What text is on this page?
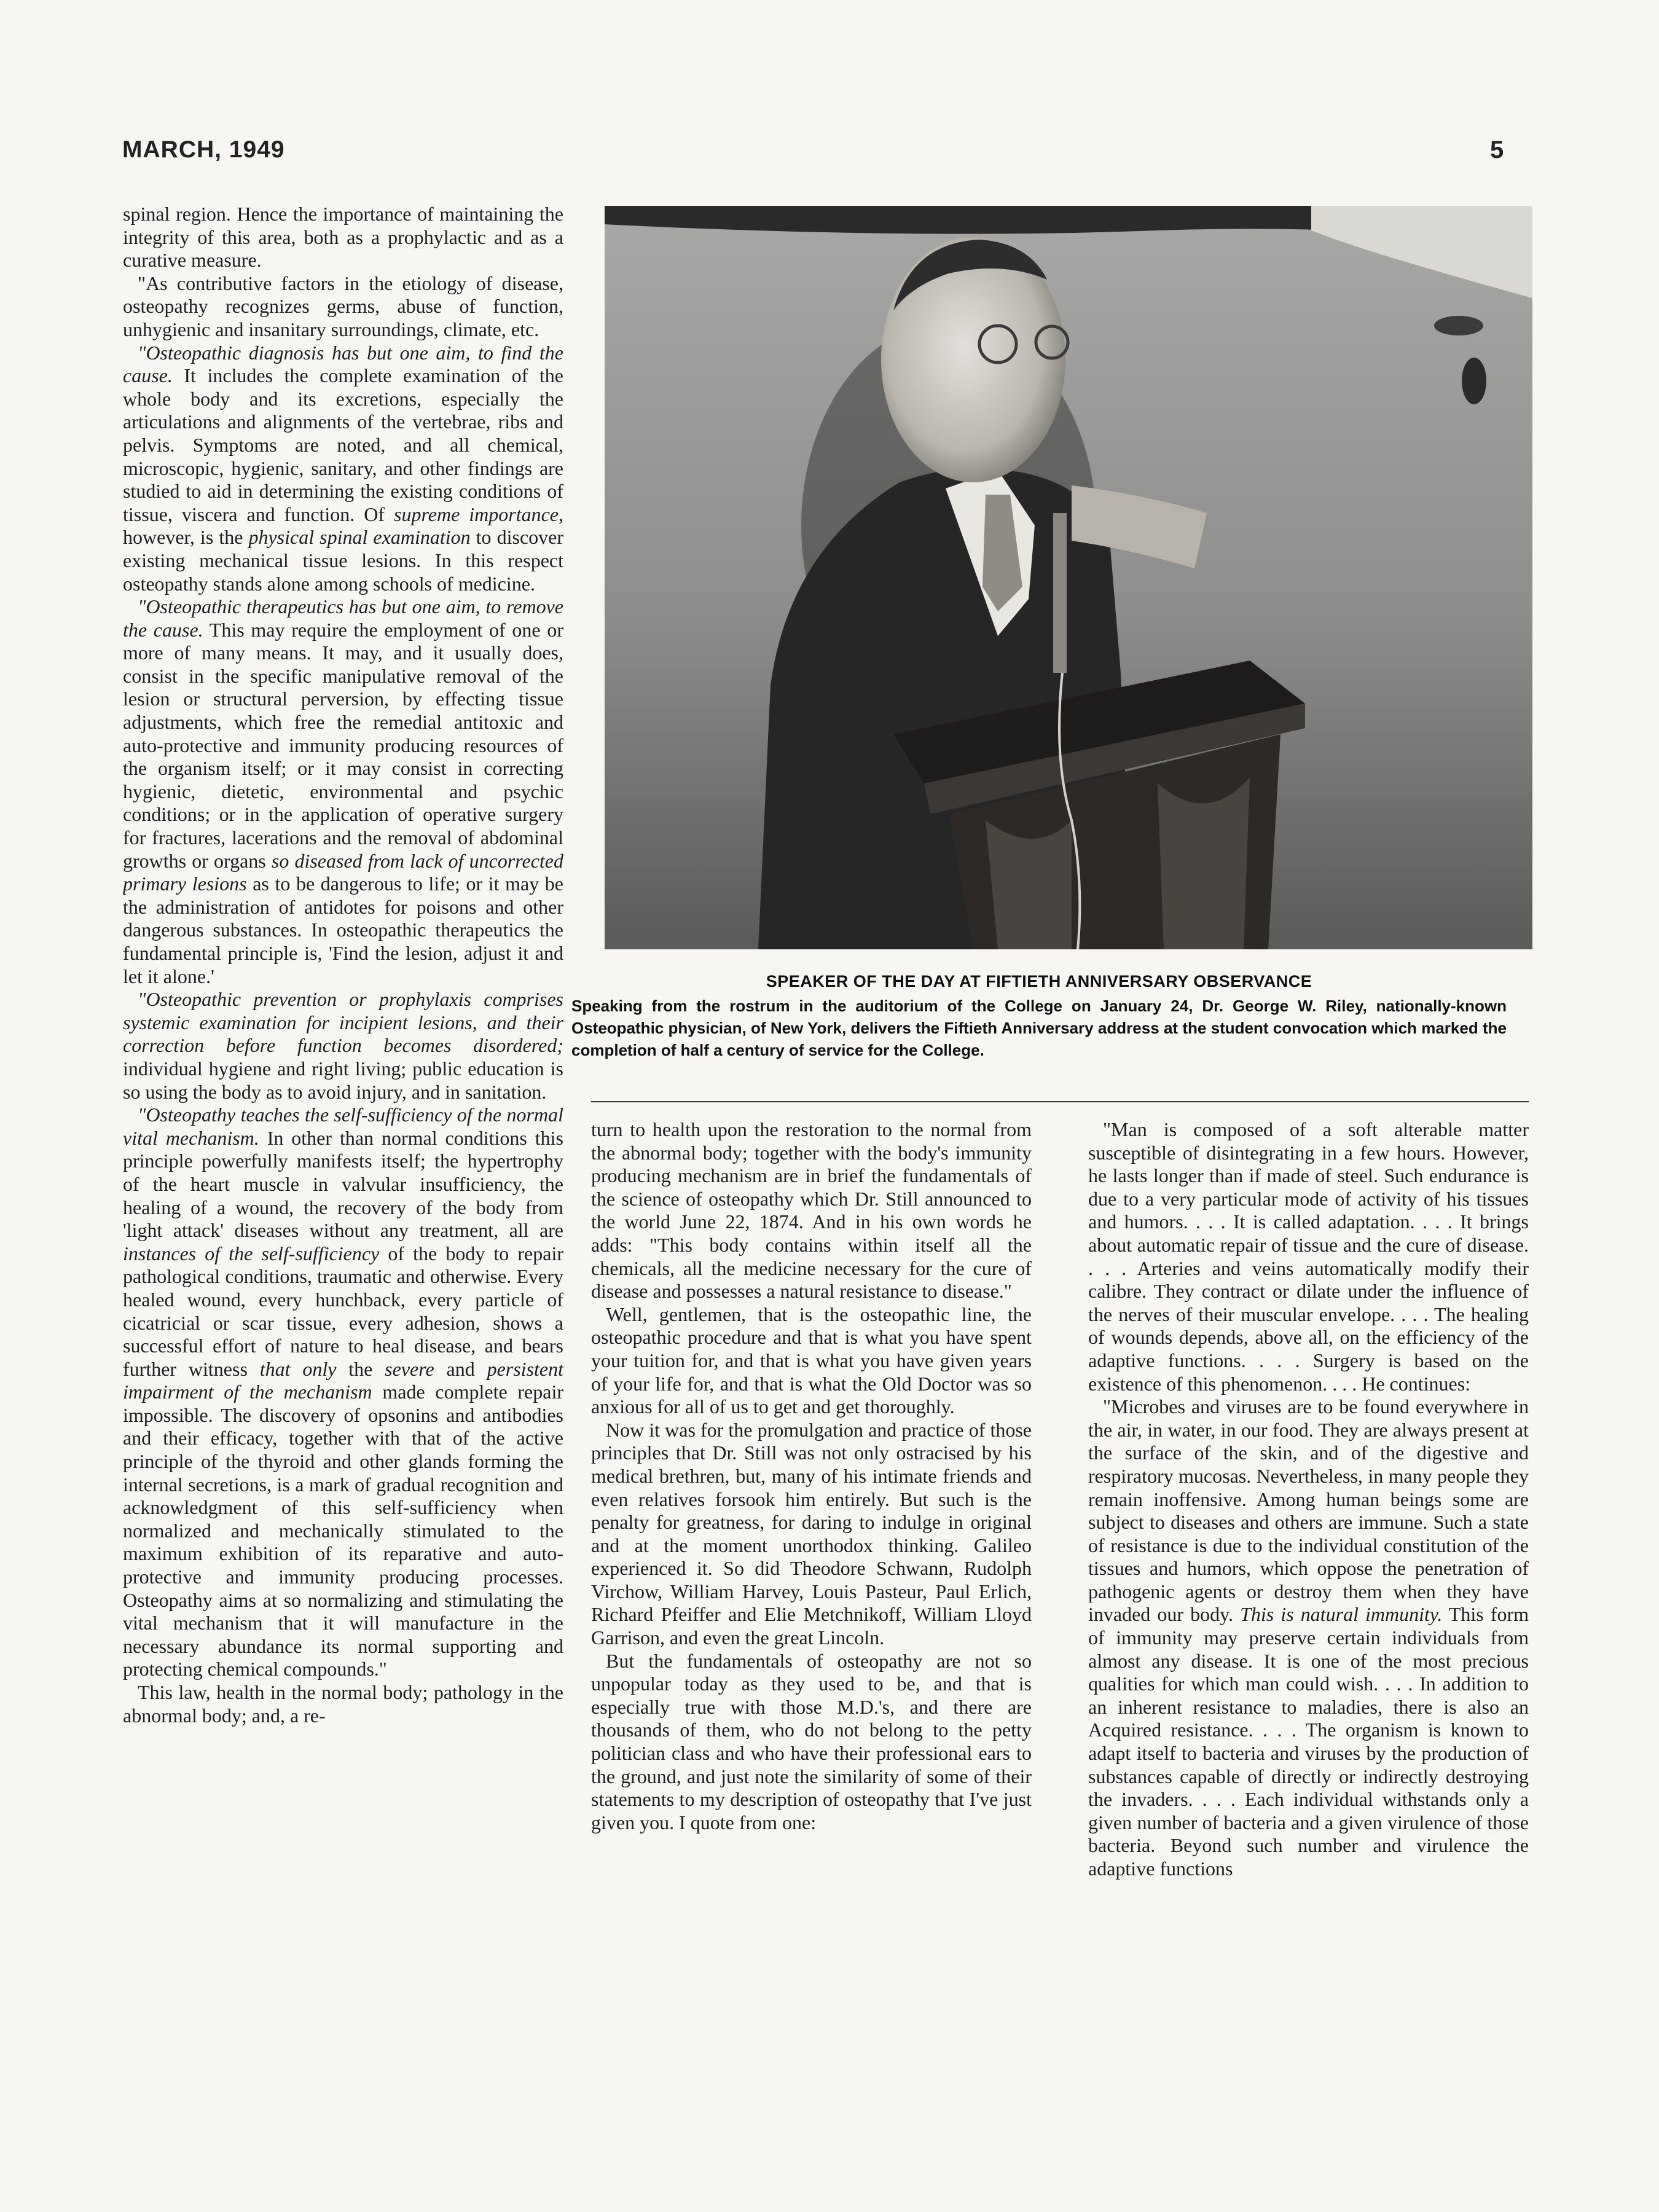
MARCH, 1949	5

spinal region. Hence the importance of maintaining the integrity of this area, both as a prophylactic and as a curative measure.

"As contributive factors in the etiology of disease, osteopathy recognizes germs, abuse of function, unhygienic and insanitary surroundings, climate, etc.

"Osteopathic diagnosis has but one aim, to find the cause. It includes the complete examination of the whole body and its excretions, especially the articulations and alignments of the vertebrae, ribs and pelvis. Symptoms are noted, and all chemical, microscopic, hygienic, sanitary, and other findings are studied to aid in determining the existing conditions of tissue, viscera and function. Of supreme importance, however, is the physical spinal examination to discover existing mechanical tissue lesions. In this respect osteopathy stands alone among schools of medicine.

"Osteopathic therapeutics has but one aim, to remove the cause. This may require the employment of one or more of many means. It may, and it usually does, consist in the specific manipulative removal of the lesion or structural perversion, by effecting tissue adjustments, which free the remedial antitoxic and auto-protective and immunity producing resources of the organism itself; or it may consist in correcting hygienic, dietetic, environmental and psychic conditions; or in the application of operative surgery for fractures, lacerations and the removal of abdominal growths or organs so diseased from lack of uncorrected primary lesions as to be dangerous to life; or it may be the administration of antidotes for poisons and other dangerous substances. In osteopathic therapeutics the fundamental principle is, 'Find the lesion, adjust it and let it alone.'

"Osteopathic prevention or prophylaxis comprises systemic examination for incipient lesions, and their correction before function becomes disordered; individual hygiene and right living; public education is so using the body as to avoid injury, and in sanitation.

"Osteopathy teaches the self-sufficiency of the normal vital mechanism. In other than normal conditions this principle powerfully manifests itself; the hypertrophy of the heart muscle in valvular insufficiency, the healing of a wound, the recovery of the body from 'light attack' diseases without any treatment, all are instances of the self-sufficiency of the body to repair pathological conditions, traumatic and otherwise. Every healed wound, every hunchback, every particle of cicatricial or scar tissue, every adhesion, shows a successful effort of nature to heal disease, and bears further witness that only the severe and persistent impairment of the mechanism made complete repair impossible. The discovery of opsonins and antibodies and their efficacy, together with that of the active principle of the thyroid and other glands forming the internal secretions, is a mark of gradual recognition and acknowledgment of this self-sufficiency when normalized and mechanically stimulated to the maximum exhibition of its reparative and auto-protective and immunity producing processes. Osteopathy aims at so normalizing and stimulating the vital mechanism that it will manufacture in the necessary abundance its normal supporting and protecting chemical compounds."

This law, health in the normal body; pathology in the abnormal body; and, a re-

SPEAKER OF THE DAY AT FIFTIETH ANNIVERSARY OBSERVANCE
Speaking from the rostrum in the auditorium of the College on January 24, Dr. George W. Riley, nationally-known Osteopathic physician, of New York, delivers the Fiftieth Anniversary address at the student convocation which marked the completion of half a century of service for the College.

turn to health upon the restoration to the normal from the abnormal body; together with the body's immunity producing mechanism are in brief the fundamentals of the science of osteopathy which Dr. Still announced to the world June 22, 1874. And in his own words he adds: "This body contains within itself all the chemicals, all the medicine necessary for the cure of disease and possesses a natural resistance to disease."

Well, gentlemen, that is the osteopathic line, the osteopathic procedure and that is what you have spent your tuition for, and that is what you have given years of your life for, and that is what the Old Doctor was so anxious for all of us to get and get thoroughly.

Now it was for the promulgation and practice of those principles that Dr. Still was not only ostracised by his medical brethren, but, many of his intimate friends and even relatives forsook him entirely. But such is the penalty for greatness, for daring to indulge in original and at the moment unorthodox thinking. Galileo experienced it. So did Theodore Schwann, Rudolph Virchow, William Harvey, Louis Pasteur, Paul Erlich, Richard Pfeiffer and Elie Metchnikoff, William Lloyd Garrison, and even the great Lincoln.

But the fundamentals of osteopathy are not so unpopular today as they used to be, and that is especially true with those M.D.'s, and there are thousands of them, who do not belong to the petty politician class and who have their professional ears to the ground, and just note the similarity of some of their statements to my description of osteopathy that I've just given you. I quote from one:

"Man is composed of a soft alterable matter susceptible of disintegrating in a few hours. However, he lasts longer than if made of steel. Such endurance is due to a very particular mode of activity of his tissues and humors. . . . It is called adaptation. . . . It brings about automatic repair of tissue and the cure of disease. . . . Arteries and veins automatically modify their calibre. They contract or dilate under the influence of the nerves of their muscular envelope. . . . The healing of wounds depends, above all, on the efficiency of the adaptive functions. . . . Surgery is based on the existence of this phenomenon. . . . He continues:

"Microbes and viruses are to be found everywhere in the air, in water, in our food. They are always present at the surface of the skin, and of the digestive and respiratory mucosas. Nevertheless, in many people they remain inoffensive. Among human beings some are subject to diseases and others are immune. Such a state of resistance is due to the individual constitution of the tissues and humors, which oppose the penetration of pathogenic agents or destroy them when they have invaded our body. This is natural immunity. This form of immunity may preserve certain individuals from almost any disease. It is one of the most precious qualities for which man could wish. . . . In addition to an inherent resistance to maladies, there is also an Acquired resistance. . . . The organism is known to adapt itself to bacteria and viruses by the production of substances capable of directly or indirectly destroying the invaders. . . . Each individual withstands only a given number of bacteria and a given virulence of those bacteria. Beyond such number and virulence the adaptive functions
